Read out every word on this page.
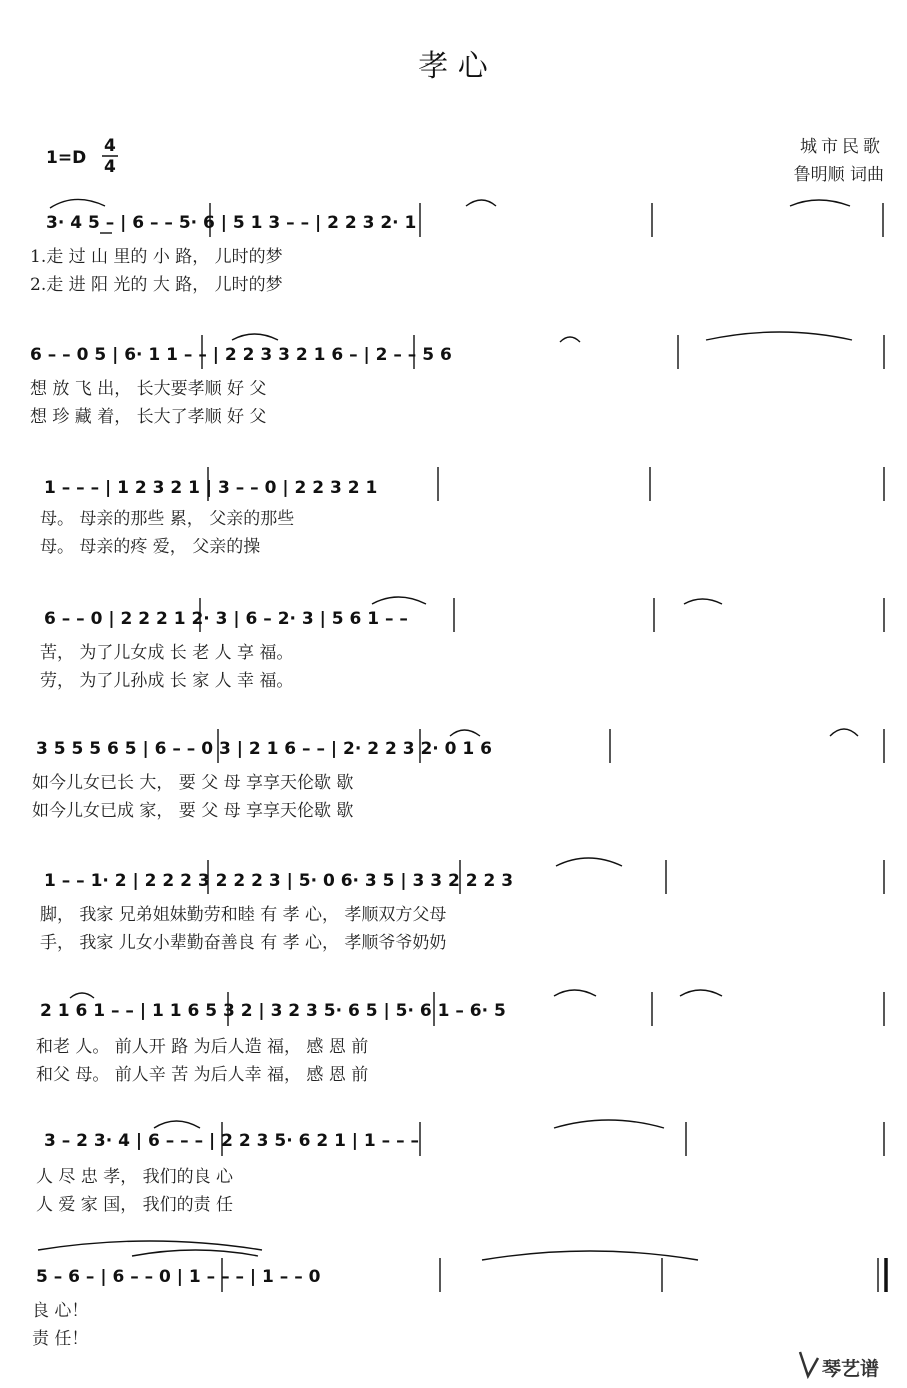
孝 心
1=D
4
4
城市民歌
鲁明顺 词曲
3· 4 5 – | 6 – – 5· 6 | 5 1 3 – – | 2 2 3 2· 1
1.走 过 山 里的 小 路， 儿时的梦
2.走 进 阳 光的 大 路， 儿时的梦
6 – – 0 5 | 6· 1 1 – – | 2 2 3 3 2 1 6 – | 2 – – 5 6
想 放 飞 出， 长大要孝顺 好 父
想 珍 藏 着， 长大了孝顺 好 父
1 – – – | 1 2 3 2 1 | 3 – – 0 | 2 2 3 2 1
母。 母亲的那些 累， 父亲的那些
母。 母亲的疼 爱， 父亲的操
6 – – 0 | 2 2 2 1 2· 3 | 6 – 2· 3 | 5 6 1 – –
苦， 为了儿女成 长 老 人 享 福。
劳， 为了儿孙成 长 家 人 幸 福。
3 5 5 5 6 5 | 6 – – 0 3 | 2 1 6 – – | 2· 2 2 3 2· 0 1 6
如今儿女已长 大， 要 父 母 享享天伦歇 歇
如今儿女已成 家， 要 父 母 享享天伦歇 歇
1 – – 1· 2 | 2 2 2 3 2 2 2 3 | 5· 0 6· 3 5 | 3 3 2 2 2 3
脚， 我家 兄弟姐妹勤劳和睦 有 孝 心， 孝顺双方父母
手， 我家 儿女小辈勤奋善良 有 孝 心， 孝顺爷爷奶奶
2 1 6 1 – – | 1 1 6 5 3 2 | 3 2 3 5· 6 5 | 5· 6 1 – 6· 5
和老 人。 前人开 路 为后人造 福， 感 恩 前
和父 母。 前人辛 苦 为后人幸 福， 感 恩 前
3 – 2 3· 4 | 6 – – – | 2 2 3 5· 6 2 1 | 1 – – –
人 尽 忠 孝， 我们的良 心
人 爱 家 国， 我们的责 任
5 – 6 – | 6 – – 0 | 1 – – – | 1 – – 0
良 心！
责 任！
琴艺谱
